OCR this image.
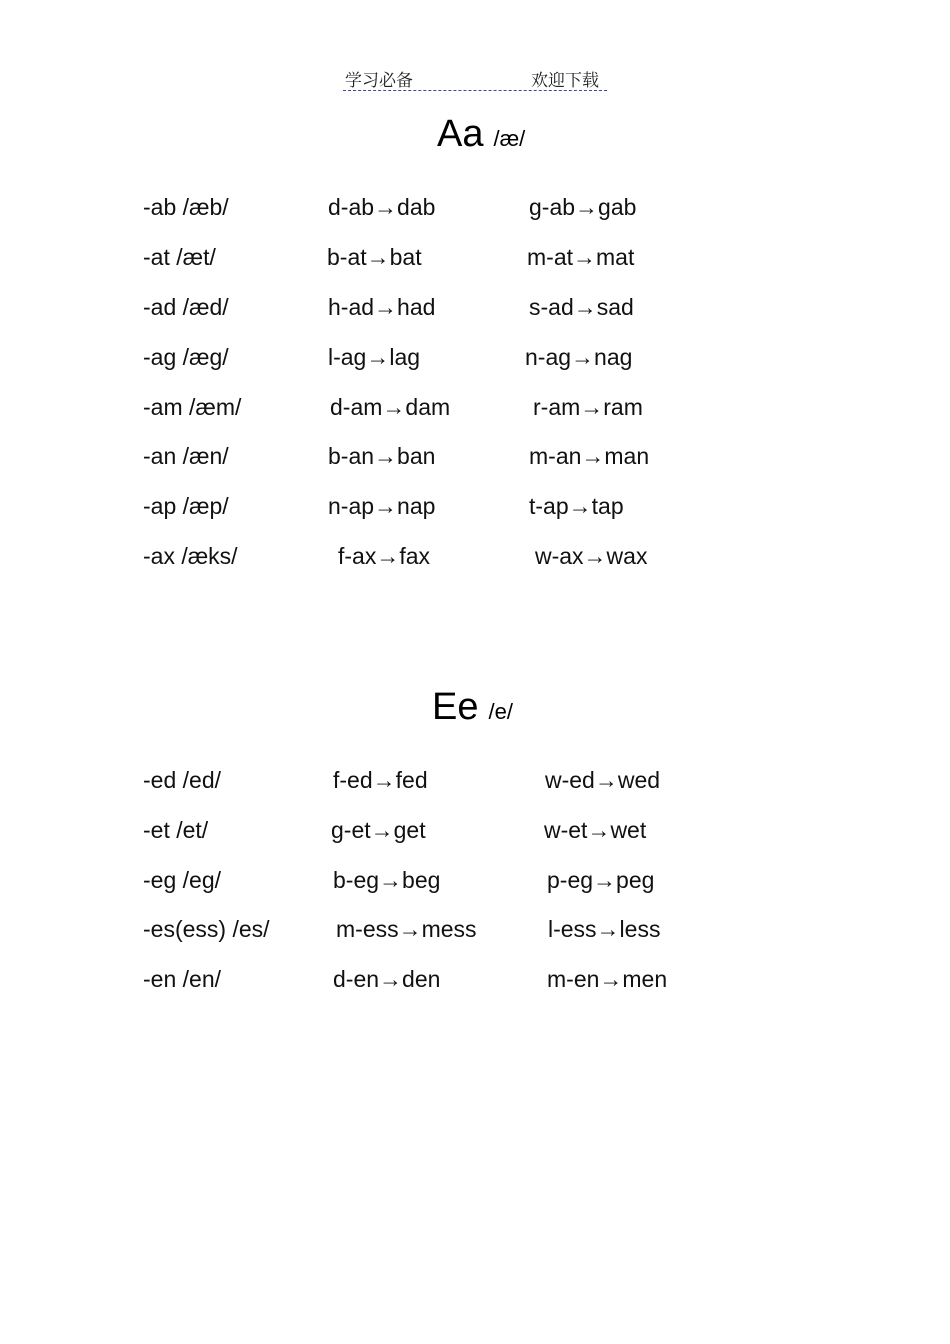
学习必备	欢迎下载
Aa /æ/
-ab /æb/	d-ab→dab	g-ab→gab
-at /æt/	b-at→bat	m-at→mat
-ad /æd/	h-ad→had	s-ad→sad
-ag /æg/	l-ag→lag	n-ag→nag
-am /æm/	d-am→dam	r-am→ram
-an /æn/	b-an→ban	m-an→man
-ap /æp/	n-ap→nap	t-ap→tap
-ax /æks/	f-ax→fax	w-ax→wax
Ee /e/
-ed /ed/	f-ed→fed	w-ed→wed
-et /et/	g-et→get	w-et→wet
-eg /eg/	b-eg→beg	p-eg→peg
-es(ess) /es/	m-ess→mess	l-ess→less
-en /en/	d-en→den	m-en→men
